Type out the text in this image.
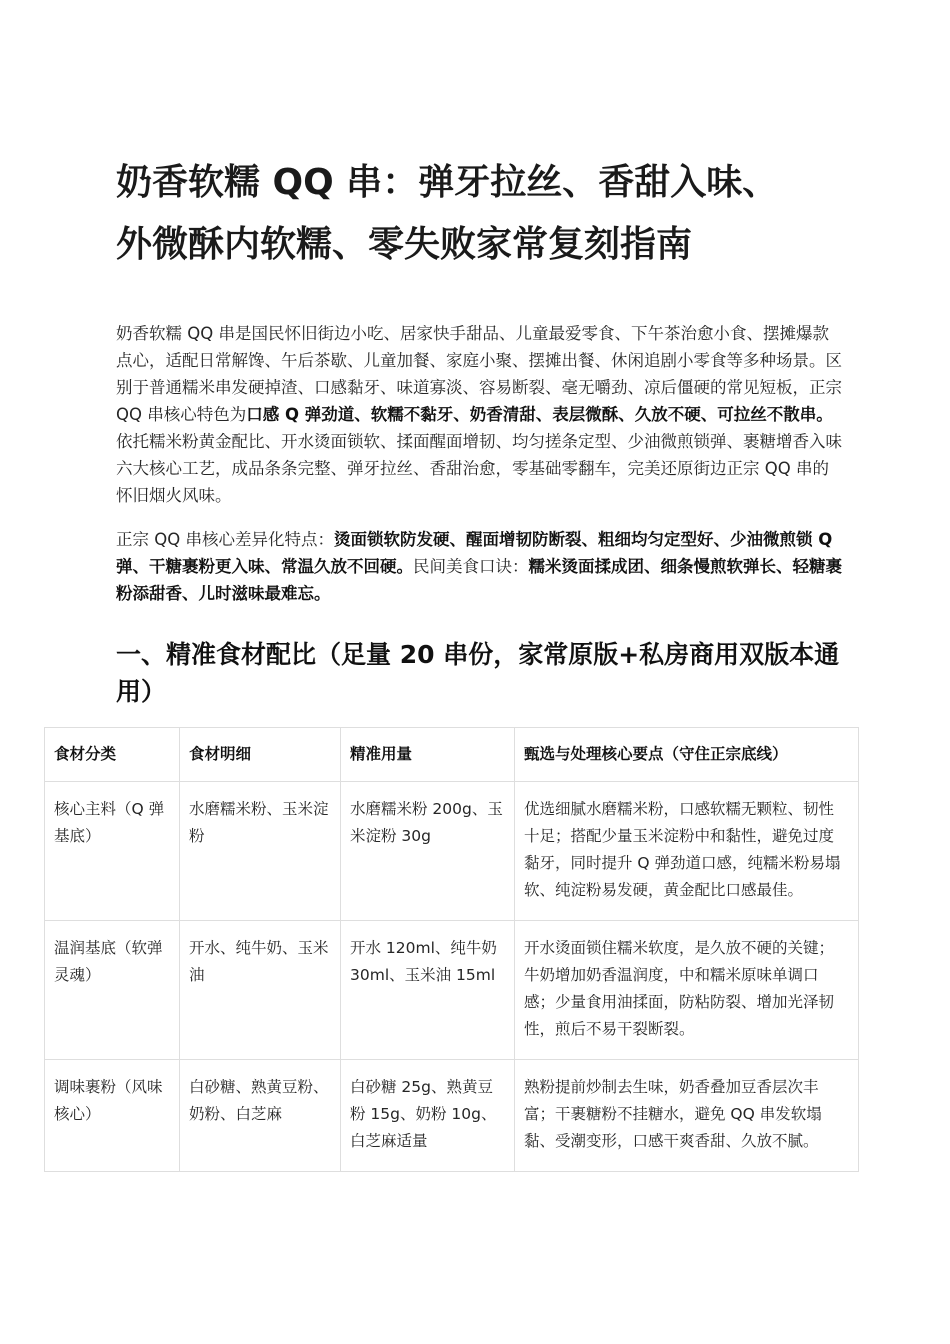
奶香软糯 QQ 串：弹牙拉丝、香甜入味、
外微酥内软糯、零失败家常复刻指南

奶香软糯 QQ 串是国民怀旧街边小吃、居家快手甜品、儿童最爱零食、下午茶治愈小食、摆摊爆款点心，适配日常解馋、午后茶歇、儿童加餐、家庭小聚、摆摊出餐、休闲追剧小零食等多种场景。区别于普通糯米串发硬掉渣、口感黏牙、味道寡淡、容易断裂、毫无嚼劲、凉后僵硬的常见短板，正宗 QQ 串核心特色为口感 Q 弹劲道、软糯不黏牙、奶香清甜、表层微酥、久放不硬、可拉丝不散串。依托糯米粉黄金配比、开水烫面锁软、揉面醒面增韧、均匀搓条定型、少油微煎锁弹、裹糖增香入味六大核心工艺，成品条条完整、弹牙拉丝、香甜治愈，零基础零翻车，完美还原街边正宗 QQ 串的怀旧烟火风味。

正宗 QQ 串核心差异化特点：烫面锁软防发硬、醒面增韧防断裂、粗细均匀定型好、少油微煎锁 Q 弹、干糖裹粉更入味、常温久放不回硬。民间美食口诀：糯米烫面揉成团、细条慢煎软弹长、轻糖裹粉添甜香、儿时滋味最难忘。

一、精准食材配比（足量 20 串份，家常原版+私房商用双版本通用）
食材分类	食材明细	精准用量	甄选与处理核心要点（守住正宗底线）
核心主料（Q 弹基底）	水磨糯米粉、玉米淀粉	水磨糯米粉 200g、玉米淀粉 30g	优选细腻水磨糯米粉，口感软糯无颗粒、韧性十足；搭配少量玉米淀粉中和黏性，避免过度黏牙，同时提升 Q 弹劲道口感，纯糯米粉易塌软、纯淀粉易发硬，黄金配比口感最佳。
温润基底（软弹灵魂）	开水、纯牛奶、玉米油	开水 120ml、纯牛奶 30ml、玉米油 15ml	开水烫面锁住糯米软度，是久放不硬的关键；牛奶增加奶香温润度，中和糯米原味单调口感；少量食用油揉面，防粘防裂、增加光泽韧性，煎后不易干裂断裂。
调味裹粉（风味核心）	白砂糖、熟黄豆粉、奶粉、白芝麻	白砂糖 25g、熟黄豆粉 15g、奶粉 10g、白芝麻适量	熟粉提前炒制去生味，奶香叠加豆香层次丰富；干裹糖粉不挂糖水，避免 QQ 串发软塌黏、受潮变形，口感干爽香甜、久放不腻。
